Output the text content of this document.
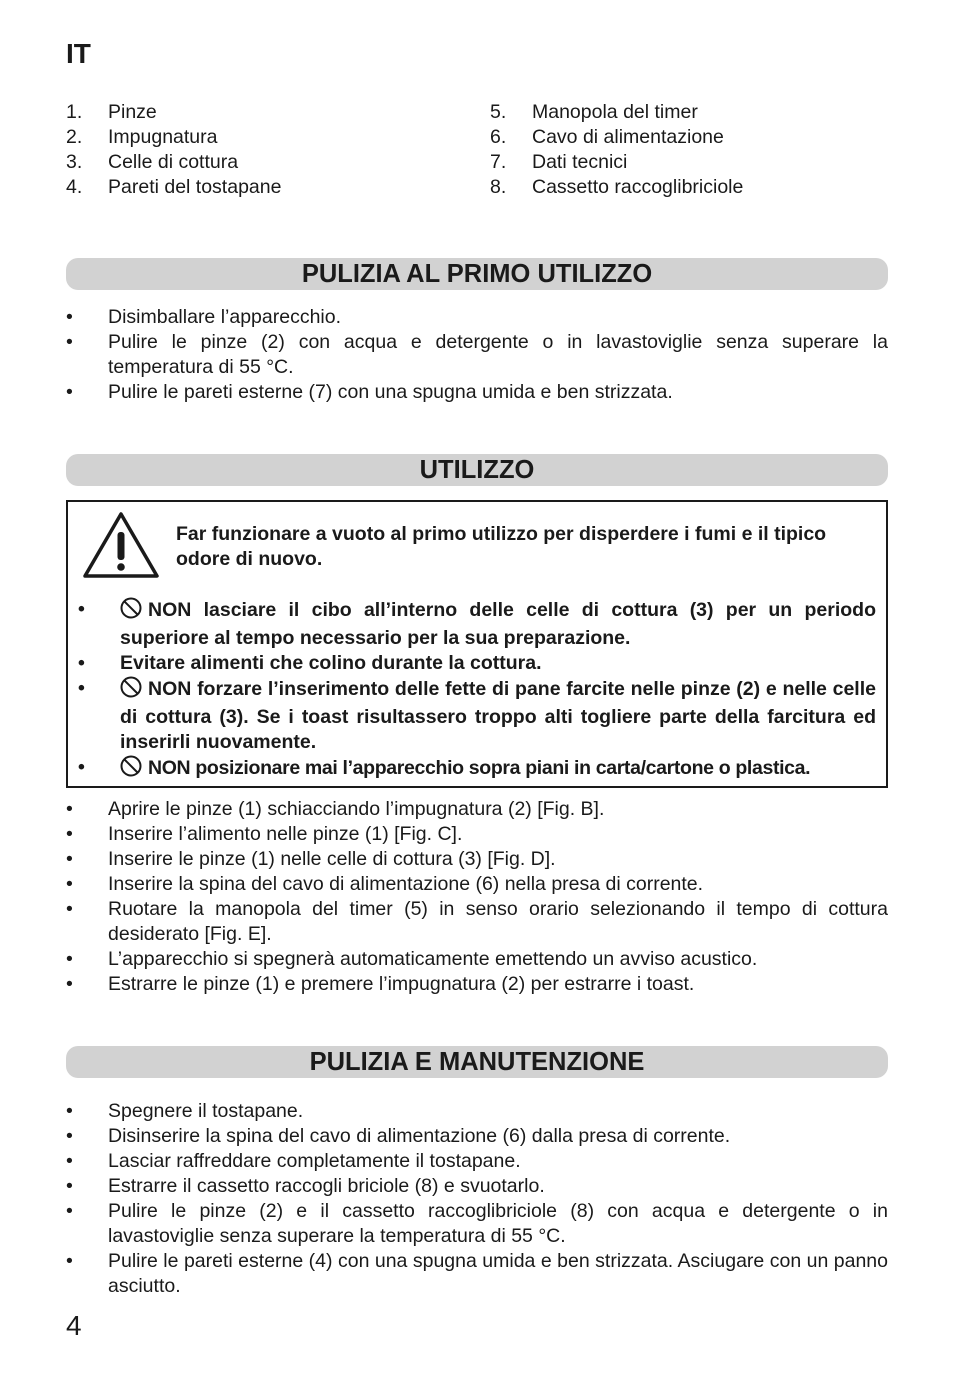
IT
1.	Pinze
2.	Impugnatura
3.	Celle di cottura
4.	Pareti del tostapane
5.	Manopola del timer
6.	Cavo di alimentazione
7.	Dati tecnici
8.	Cassetto raccoglibriciole
PULIZIA AL PRIMO UTILIZZO
•	Disimballare l’apparecchio.
•	Pulire le pinze (2) con acqua e detergente o in lavastoviglie senza superare la temperatura di 55 °C.
•	Pulire le pareti esterne (7) con una spugna umida e ben strizzata.
UTILIZZO
Far funzionare a vuoto al primo utilizzo per disperdere i fumi e il tipico odore di nuovo.
•	NON lasciare il cibo all’interno delle celle di cottura (3) per un periodo superiore al tempo necessario per la sua preparazione.
•	Evitare alimenti che colino durante la cottura.
•	NON forzare l’inserimento delle fette di pane farcite nelle pinze (2) e nelle celle di cottura (3). Se i toast risultassero troppo alti togliere parte della farcitura ed inserirli nuovamente.
•	NON posizionare mai l’apparecchio sopra piani in carta/cartone o plastica.
•	Aprire le pinze (1) schiacciando l’impugnatura (2) [Fig. B].
•	Inserire l’alimento nelle pinze (1) [Fig. C].
•	Inserire le pinze (1) nelle celle di cottura (3) [Fig. D].
•	Inserire la spina del cavo di alimentazione (6) nella presa di corrente.
•	Ruotare la manopola del timer (5) in senso orario selezionando il tempo di cottura desiderato [Fig. E].
•	L’apparecchio si spegnerà automaticamente emettendo un avviso acustico.
•	Estrarre le pinze (1) e premere l’impugnatura (2) per estrarre i toast.
PULIZIA E MANUTENZIONE
•	Spegnere il tostapane.
•	Disinserire la spina del cavo di alimentazione (6) dalla presa di corrente.
•	Lasciar raffreddare completamente il tostapane.
•	Estrarre il cassetto raccogli briciole (8) e svuotarlo.
•	Pulire le pinze (2) e il cassetto raccoglibriciole (8) con acqua e detergente o in lavastoviglie senza superare la temperatura di 55 °C.
•	Pulire le pareti esterne (4) con una spugna umida e ben strizzata. Asciugare con un panno asciutto.
4
